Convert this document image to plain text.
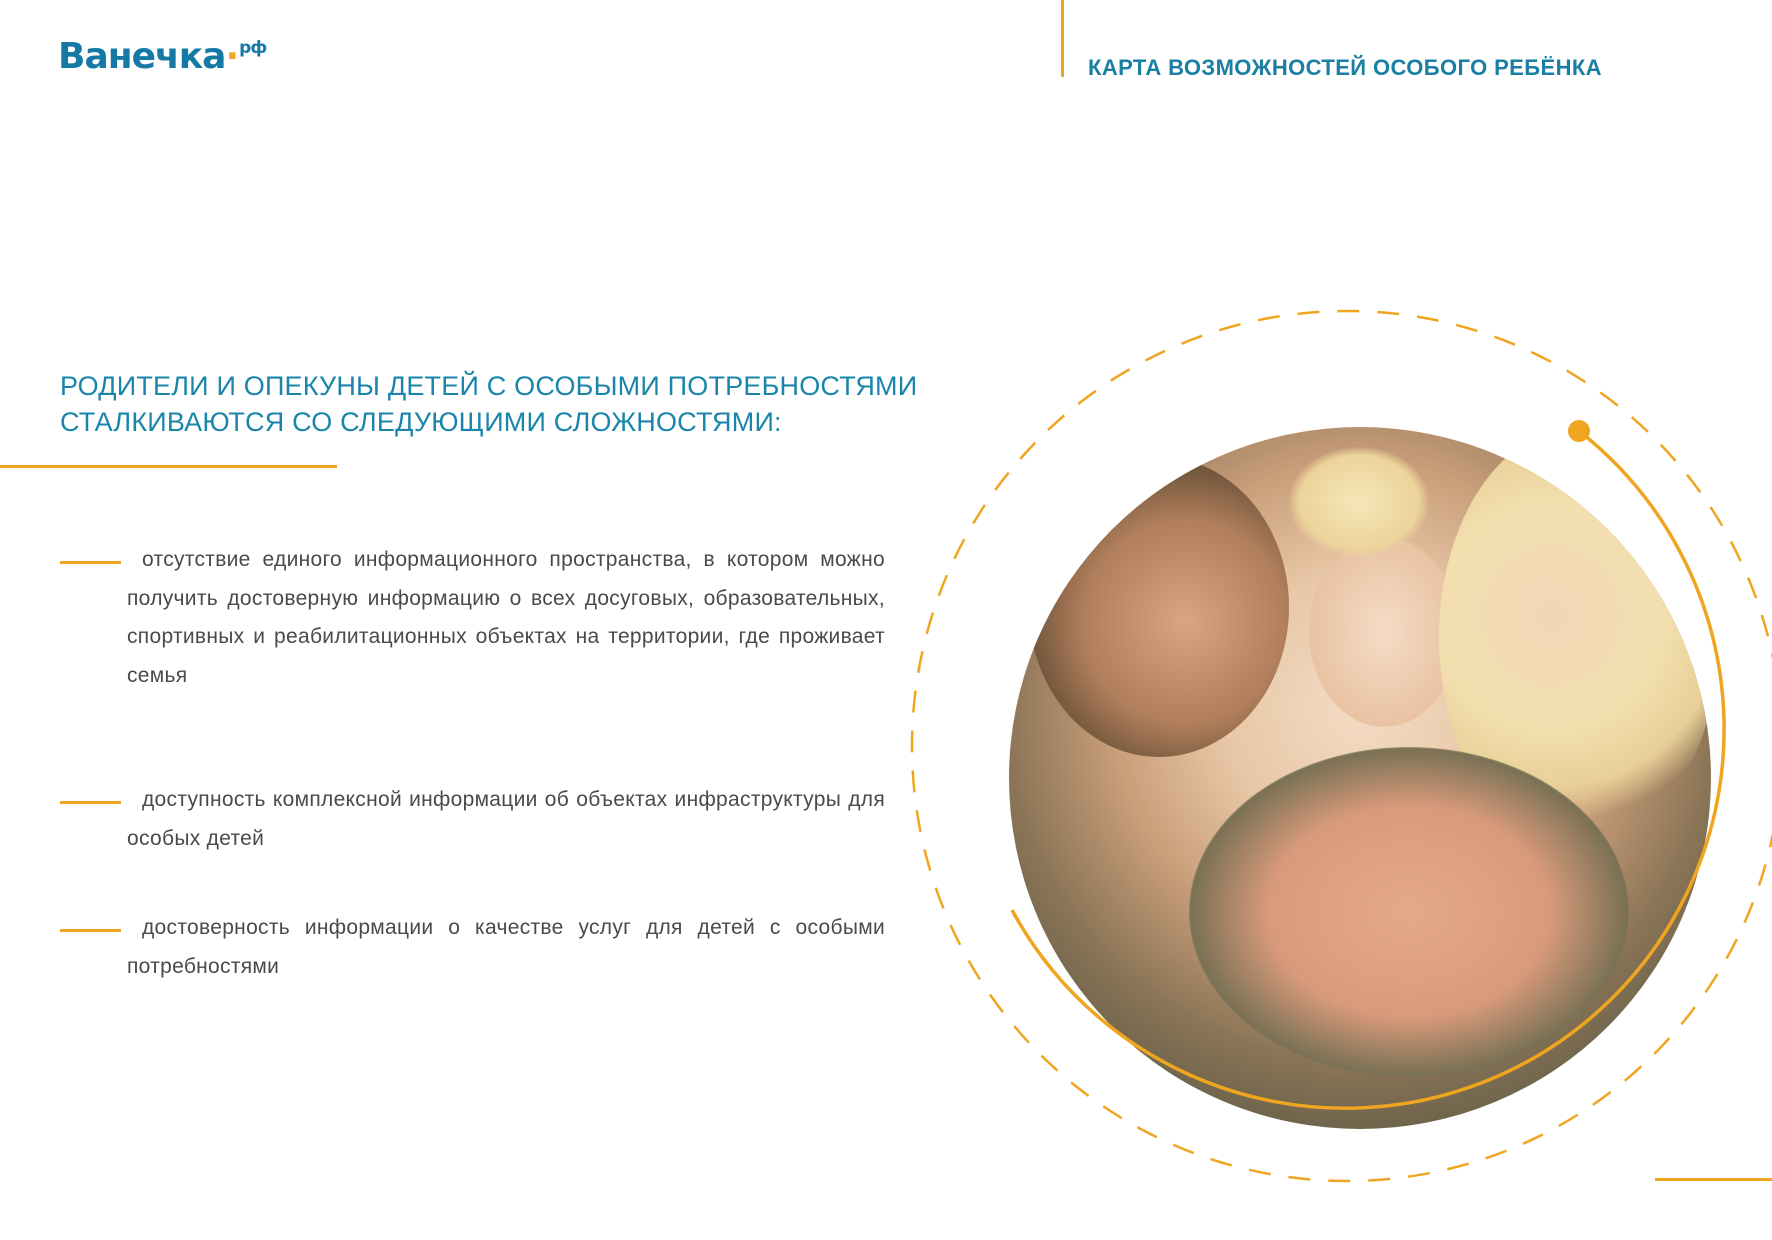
Ванечка·$^{рф}$
КАРТА ВОЗМОЖНОСТЕЙ ОСОБОГО РЕБЁНКА
РОДИТЕЛИ И ОПЕКУНЫ ДЕТЕЙ С ОСОБЫМИ ПОТРЕБНОСТЯМИ
СТАЛКИВАЮТСЯ СО СЛЕДУЮЩИМИ СЛОЖНОСТЯМИ:
отсутствие единого информационного пространства, в котором можно получить достоверную информацию о всех досуговых, образовательных, спортивных и реабилитационных объектах на территории, где проживает семья
доступность комплексной информации об объектах инфраструктуры для особых детей
достоверность информации о качестве услуг для детей с особыми потребностями
